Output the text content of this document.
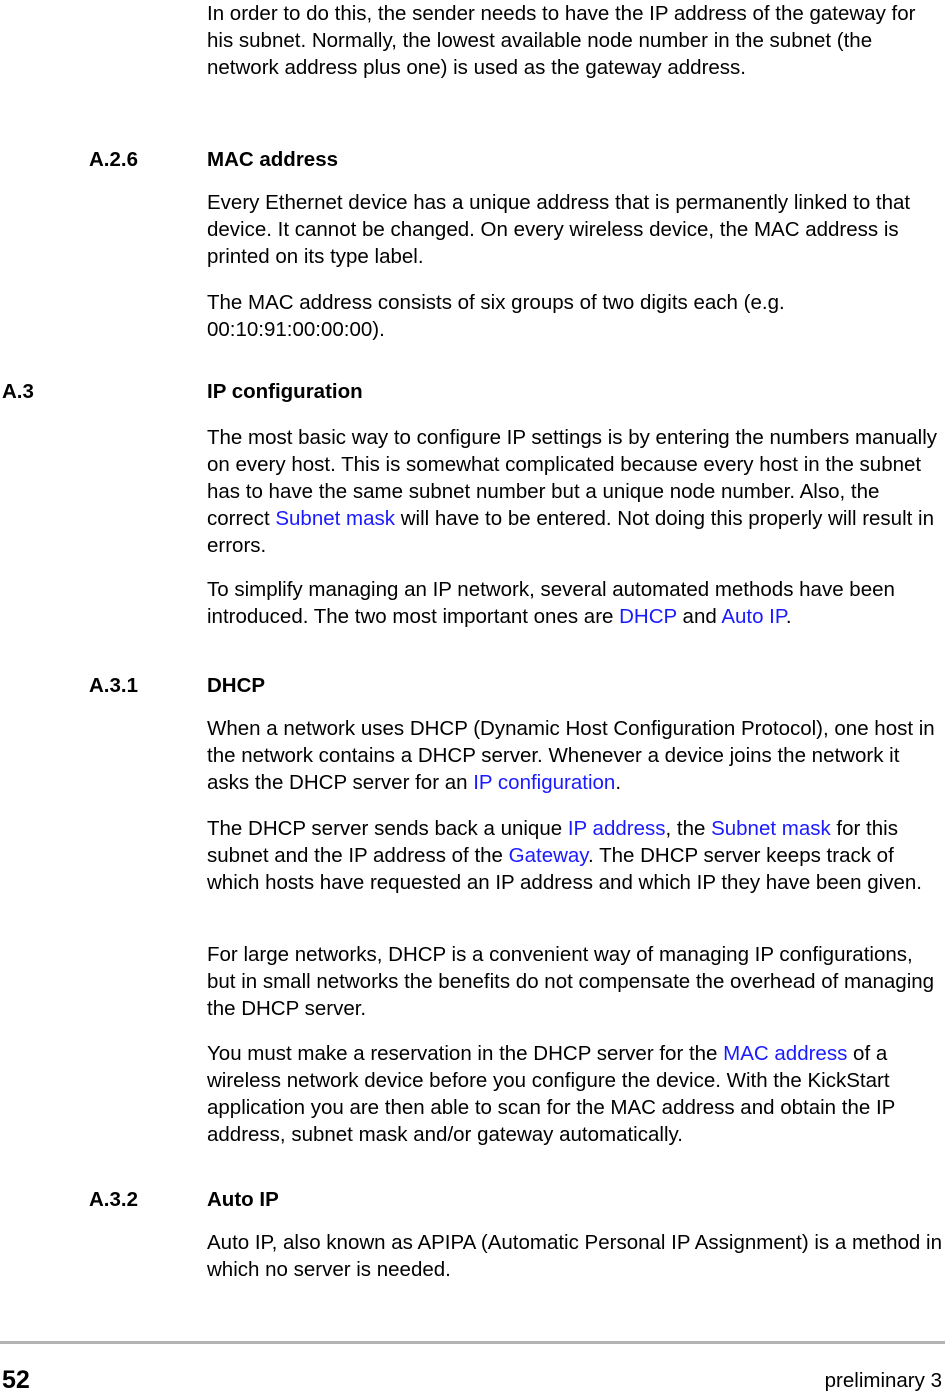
In order to do this, the sender needs to have the IP address of the gateway for his subnet. Normally, the lowest available node number in the subnet (the network address plus one) is used as the gateway address.

A.2.6	MAC address

Every Ethernet device has a unique address that is permanently linked to that device. It cannot be changed. On every wireless device, the MAC address is printed on its type label.

The MAC address consists of six groups of two digits each (e.g. 00:10:91:00:00:00).

A.3	IP configuration

The most basic way to configure IP settings is by entering the numbers manually on every host. This is somewhat complicated because every host in the subnet has to have the same subnet number but a unique node number. Also, the correct Subnet mask will have to be entered. Not doing this properly will result in errors.

To simplify managing an IP network, several automated methods have been introduced. The two most important ones are DHCP and Auto IP.

A.3.1	DHCP

When a network uses DHCP (Dynamic Host Configuration Protocol), one host in the network contains a DHCP server. Whenever a device joins the network it asks the DHCP server for an IP configuration.

The DHCP server sends back a unique IP address, the Subnet mask for this subnet and the IP address of the Gateway. The DHCP server keeps track of which hosts have requested an IP address and which IP they have been given.

For large networks, DHCP is a convenient way of managing IP configurations, but in small networks the benefits do not compensate the overhead of managing the DHCP server.

You must make a reservation in the DHCP server for the MAC address of a wireless network device before you configure the device. With the KickStart application you are then able to scan for the MAC address and obtain the IP address, subnet mask and/or gateway automatically.

A.3.2	Auto IP

Auto IP, also known as APIPA (Automatic Personal IP Assignment) is a method in which no server is needed.

52	preliminary 3
